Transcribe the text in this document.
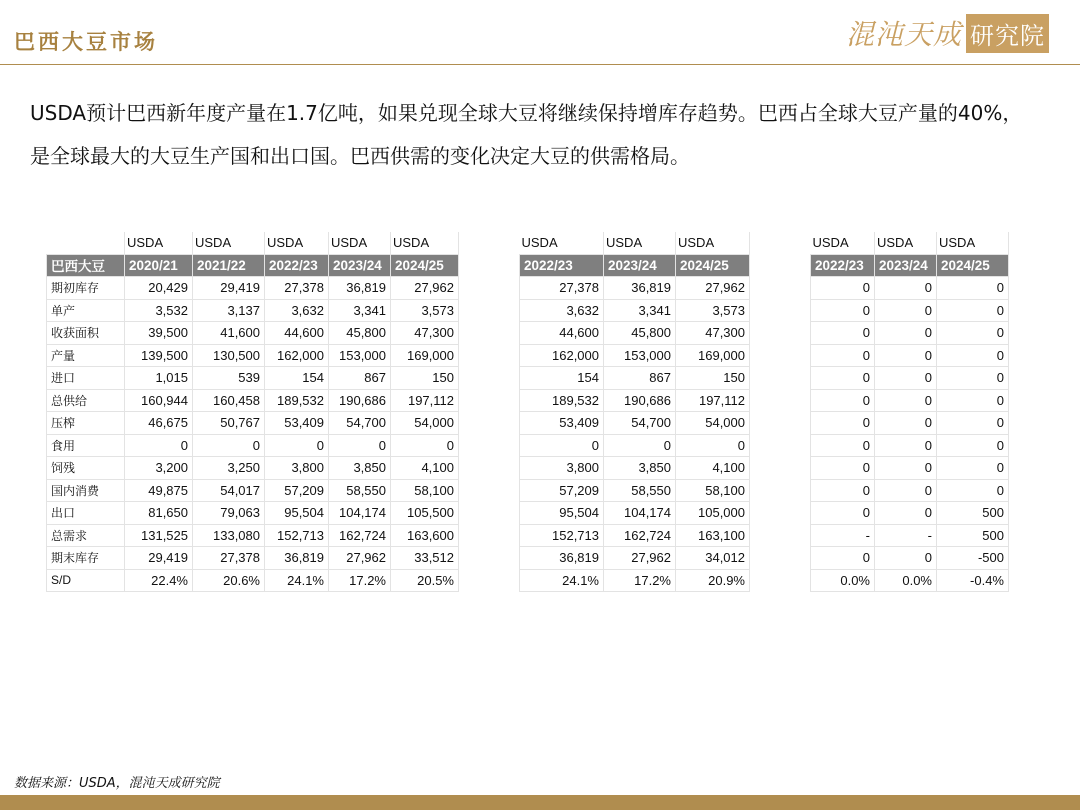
巴西大豆市场	混沌天成 研究院
USDA预计巴西新年度产量在1.7亿吨，如果兑现全球大豆将继续保持增库存趋势。巴西占全球大豆产量的40%，是全球最大的大豆生产国和出口国。巴西供需的变化决定大豆的供需格局。
	USDA	USDA	USDA	USDA	USDA
巴西大豆	2020/21	2021/22	2022/23	2023/24	2024/25
期初库存	20,429	29,419	27,378	36,819	27,962
单产	3,532	3,137	3,632	3,341	3,573
收获面积	39,500	41,600	44,600	45,800	47,300
产量	139,500	130,500	162,000	153,000	169,000
进口	1,015	539	154	867	150
总供给	160,944	160,458	189,532	190,686	197,112
压榨	46,675	50,767	53,409	54,700	54,000
食用	0	0	0	0	0
饲残	3,200	3,250	3,800	3,850	4,100
国内消费	49,875	54,017	57,209	58,550	58,100
出口	81,650	79,063	95,504	104,174	105,500
总需求	131,525	133,080	152,713	162,724	163,600
期末库存	29,419	27,378	36,819	27,962	33,512
S/D	22.4%	20.6%	24.1%	17.2%	20.5%
USDA	USDA	USDA
2022/23	2023/24	2024/25
27,378	36,819	27,962
3,632	3,341	3,573
44,600	45,800	47,300
162,000	153,000	169,000
154	867	150
189,532	190,686	197,112
53,409	54,700	54,000
0	0	0
3,800	3,850	4,100
57,209	58,550	58,100
95,504	104,174	105,000
152,713	162,724	163,100
36,819	27,962	34,012
24.1%	17.2%	20.9%
USDA	USDA	USDA
2022/23	2023/24	2024/25
0	0	0
0	0	0
0	0	0
0	0	0
0	0	0
0	0	0
0	0	0
0	0	0
0	0	0
0	0	0
0	0	500
-	-	500
0	0	-500
0.0%	0.0%	-0.4%
数据来源：USDA，混沌天成研究院
